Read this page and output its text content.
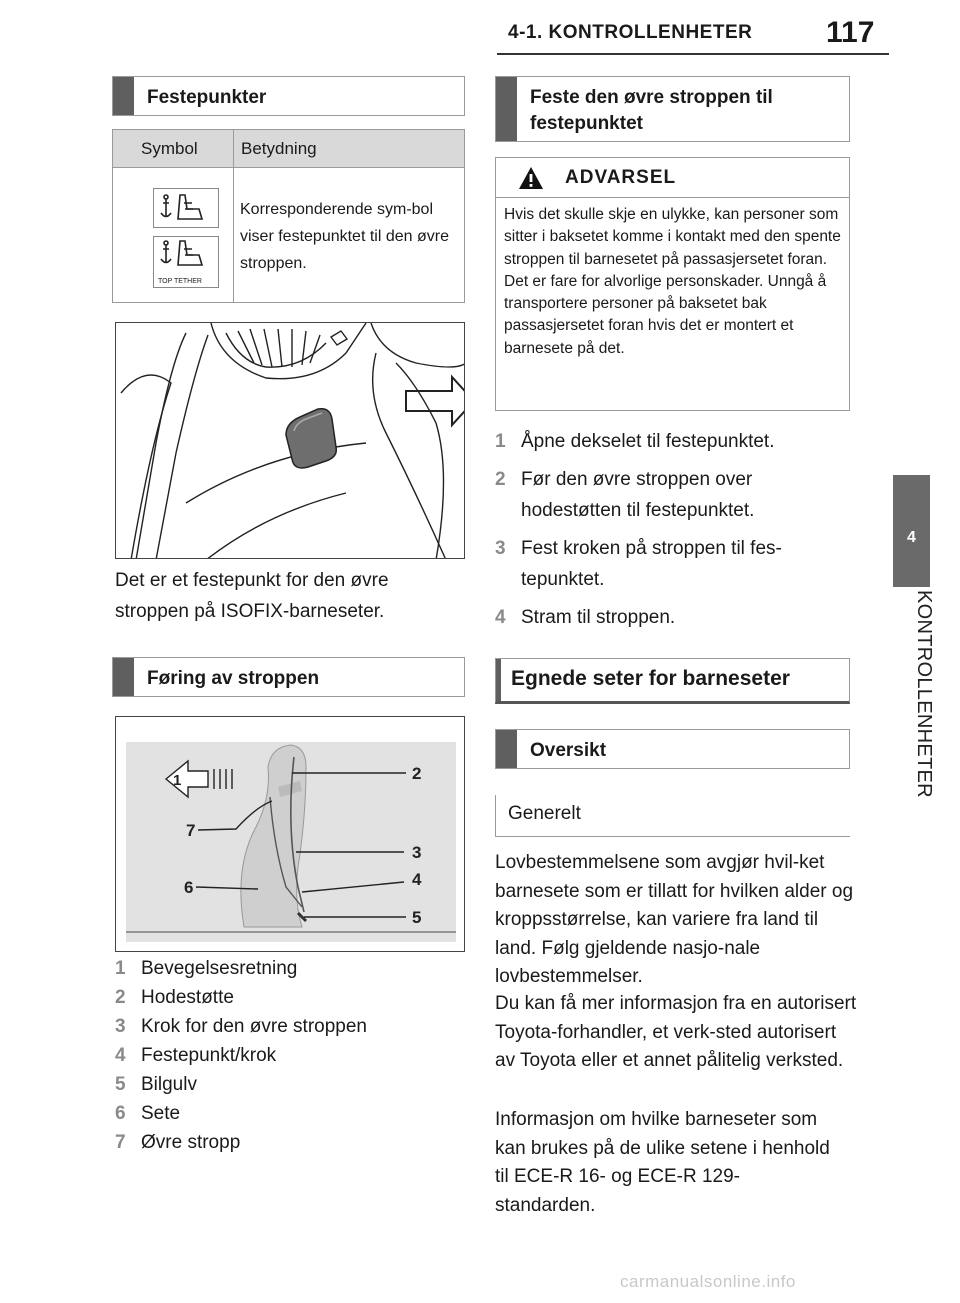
4-1. KONTROLLENHETER 117
4
KONTROLLENHETER
Festepunkter
Symbol	Betydning
TOP TETHER
Korresponderende sym-bol viser festepunktet til den øvre stroppen.
Det er et festepunkt for den øvre stroppen på ISOFIX-barneseter.
Føring av stroppen
1	2
3
4
5
6
7
1 Bevegelsesretning
2 Hodestøtte
3 Krok for den øvre stroppen
4 Festepunkt/krok
5 Bilgulv
6 Sete
7 Øvre stropp
Feste den øvre stroppen til festepunktet
ADVARSEL
Hvis det skulle skje en ulykke, kan personer som sitter i baksetet komme i kontakt med den spente stroppen til barnesetet på passasjersetet foran. Det er fare for alvorlige personskader. Unngå å transportere personer på baksetet bak passasjersetet foran hvis det er montert et barnesete på det.
1 Åpne dekselet til festepunktet.
2 Før den øvre stroppen over
hodestøtten til festepunktet.
3 Fest kroken på stroppen til fes-
tepunktet.
4 Stram til stroppen.
Egnede seter for barneseter
Oversikt
Generelt
Lovbestemmelsene som avgjør hvil-ket barnesete som er tillatt for hvilken alder og kroppsstørrelse, kan variere fra land til land. Følg gjeldende nasjo-nale lovbestemmelser.
Du kan få mer informasjon fra en autorisert Toyota-forhandler, et verk-sted autorisert av Toyota eller et annet pålitelig verksted.
Informasjon om hvilke barneseter som kan brukes på de ulike setene i henhold til ECE-R 16- og ECE-R 129-standarden.
carmanualsonline.info
